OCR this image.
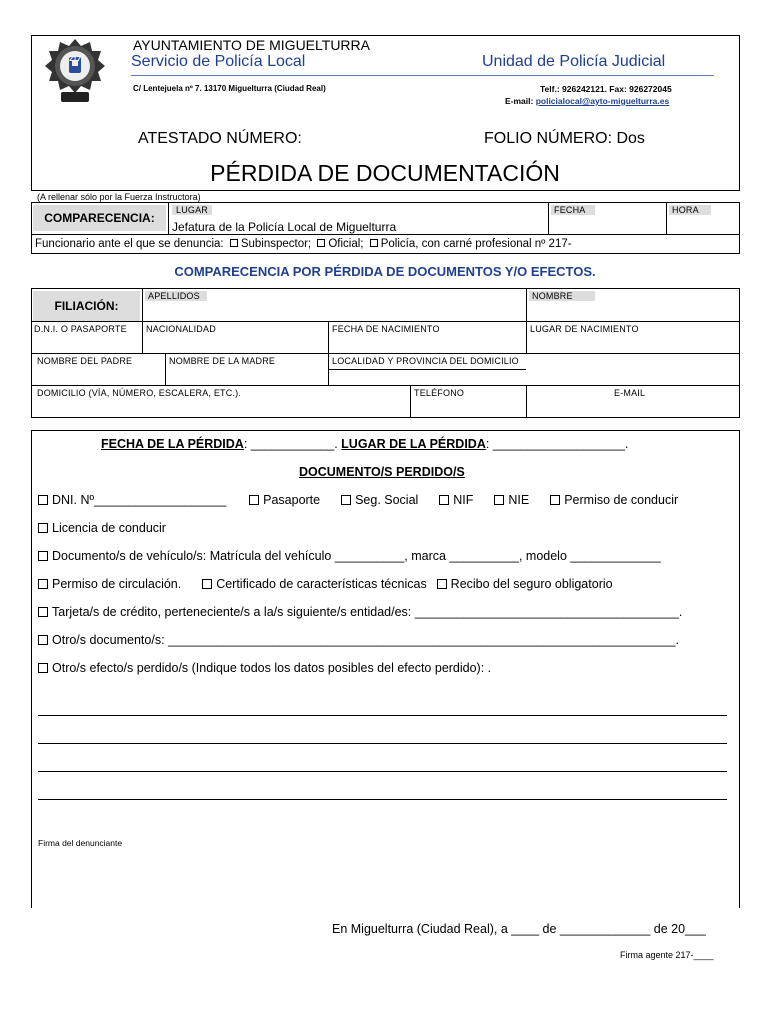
217
AYUNTAMIENTO DE MIGUELTURRA
Servicio de Policía Local	Unidad de Policía Judicial
C/ Lentejuela nº 7. 13170 Miguelturra (Ciudad Real)	Telf.: 926242121. Fax: 926272045
E-mail: policialocal@ayto-miguelturra.es
ATESTADO NÚMERO:	FOLIO NÚMERO: Dos
PÉRDIDA DE DOCUMENTACIÓN
(A rellenar sólo por la Fuerza Instructora)
COMPARECENCIA:
LUGAR
Jefatura de la Policía Local de Miguelturra
FECHA	HORA
Funcionario ante el que se denuncia: Subinspector; Oficial; Policía, con carné profesional nº 217-
COMPARECENCIA POR PÉRDIDA DE DOCUMENTOS Y/O EFECTOS.
FILIACIÓN:
APELLIDOS	NOMBRE
D.N.I. O PASAPORTE NACIONALIDAD	FECHA DE NACIMIENTO	LUGAR DE NACIMIENTO
NOMBRE DEL PADRE	NOMBRE DE LA MADRE	LOCALIDAD Y PROVINCIA DEL DOMICILIO
DOMICILIO (VÍA, NÚMERO, ESCALERA, ETC.).	TELÉFONO	E-MAIL
FECHA DE LA PÉRDIDA: ____________. LUGAR DE LA PÉRDIDA: ___________________.
DOCUMENTO/S PERDIDO/S
DNI. Nº___________________	Pasaporte	Seg. Social	NIF	NIE	Permiso de conducir
Licencia de conducir
Documento/s de vehículo/s: Matrícula del vehículo __________, marca __________, modelo _____________
Permiso de circulación.	Certificado de características técnicas Recibo del seguro obligatorio
Tarjeta/s de crédito, perteneciente/s a la/s siguiente/s entidad/es: ______________________________________.
Otro/s documento/s: _________________________________________________________________________.
Otro/s efecto/s perdido/s (Indique todos los datos posibles del efecto perdido): .
Firma del denunciante
En Miguelturra (Ciudad Real), a ____ de _____________ de 20___
Firma agente 217-____
